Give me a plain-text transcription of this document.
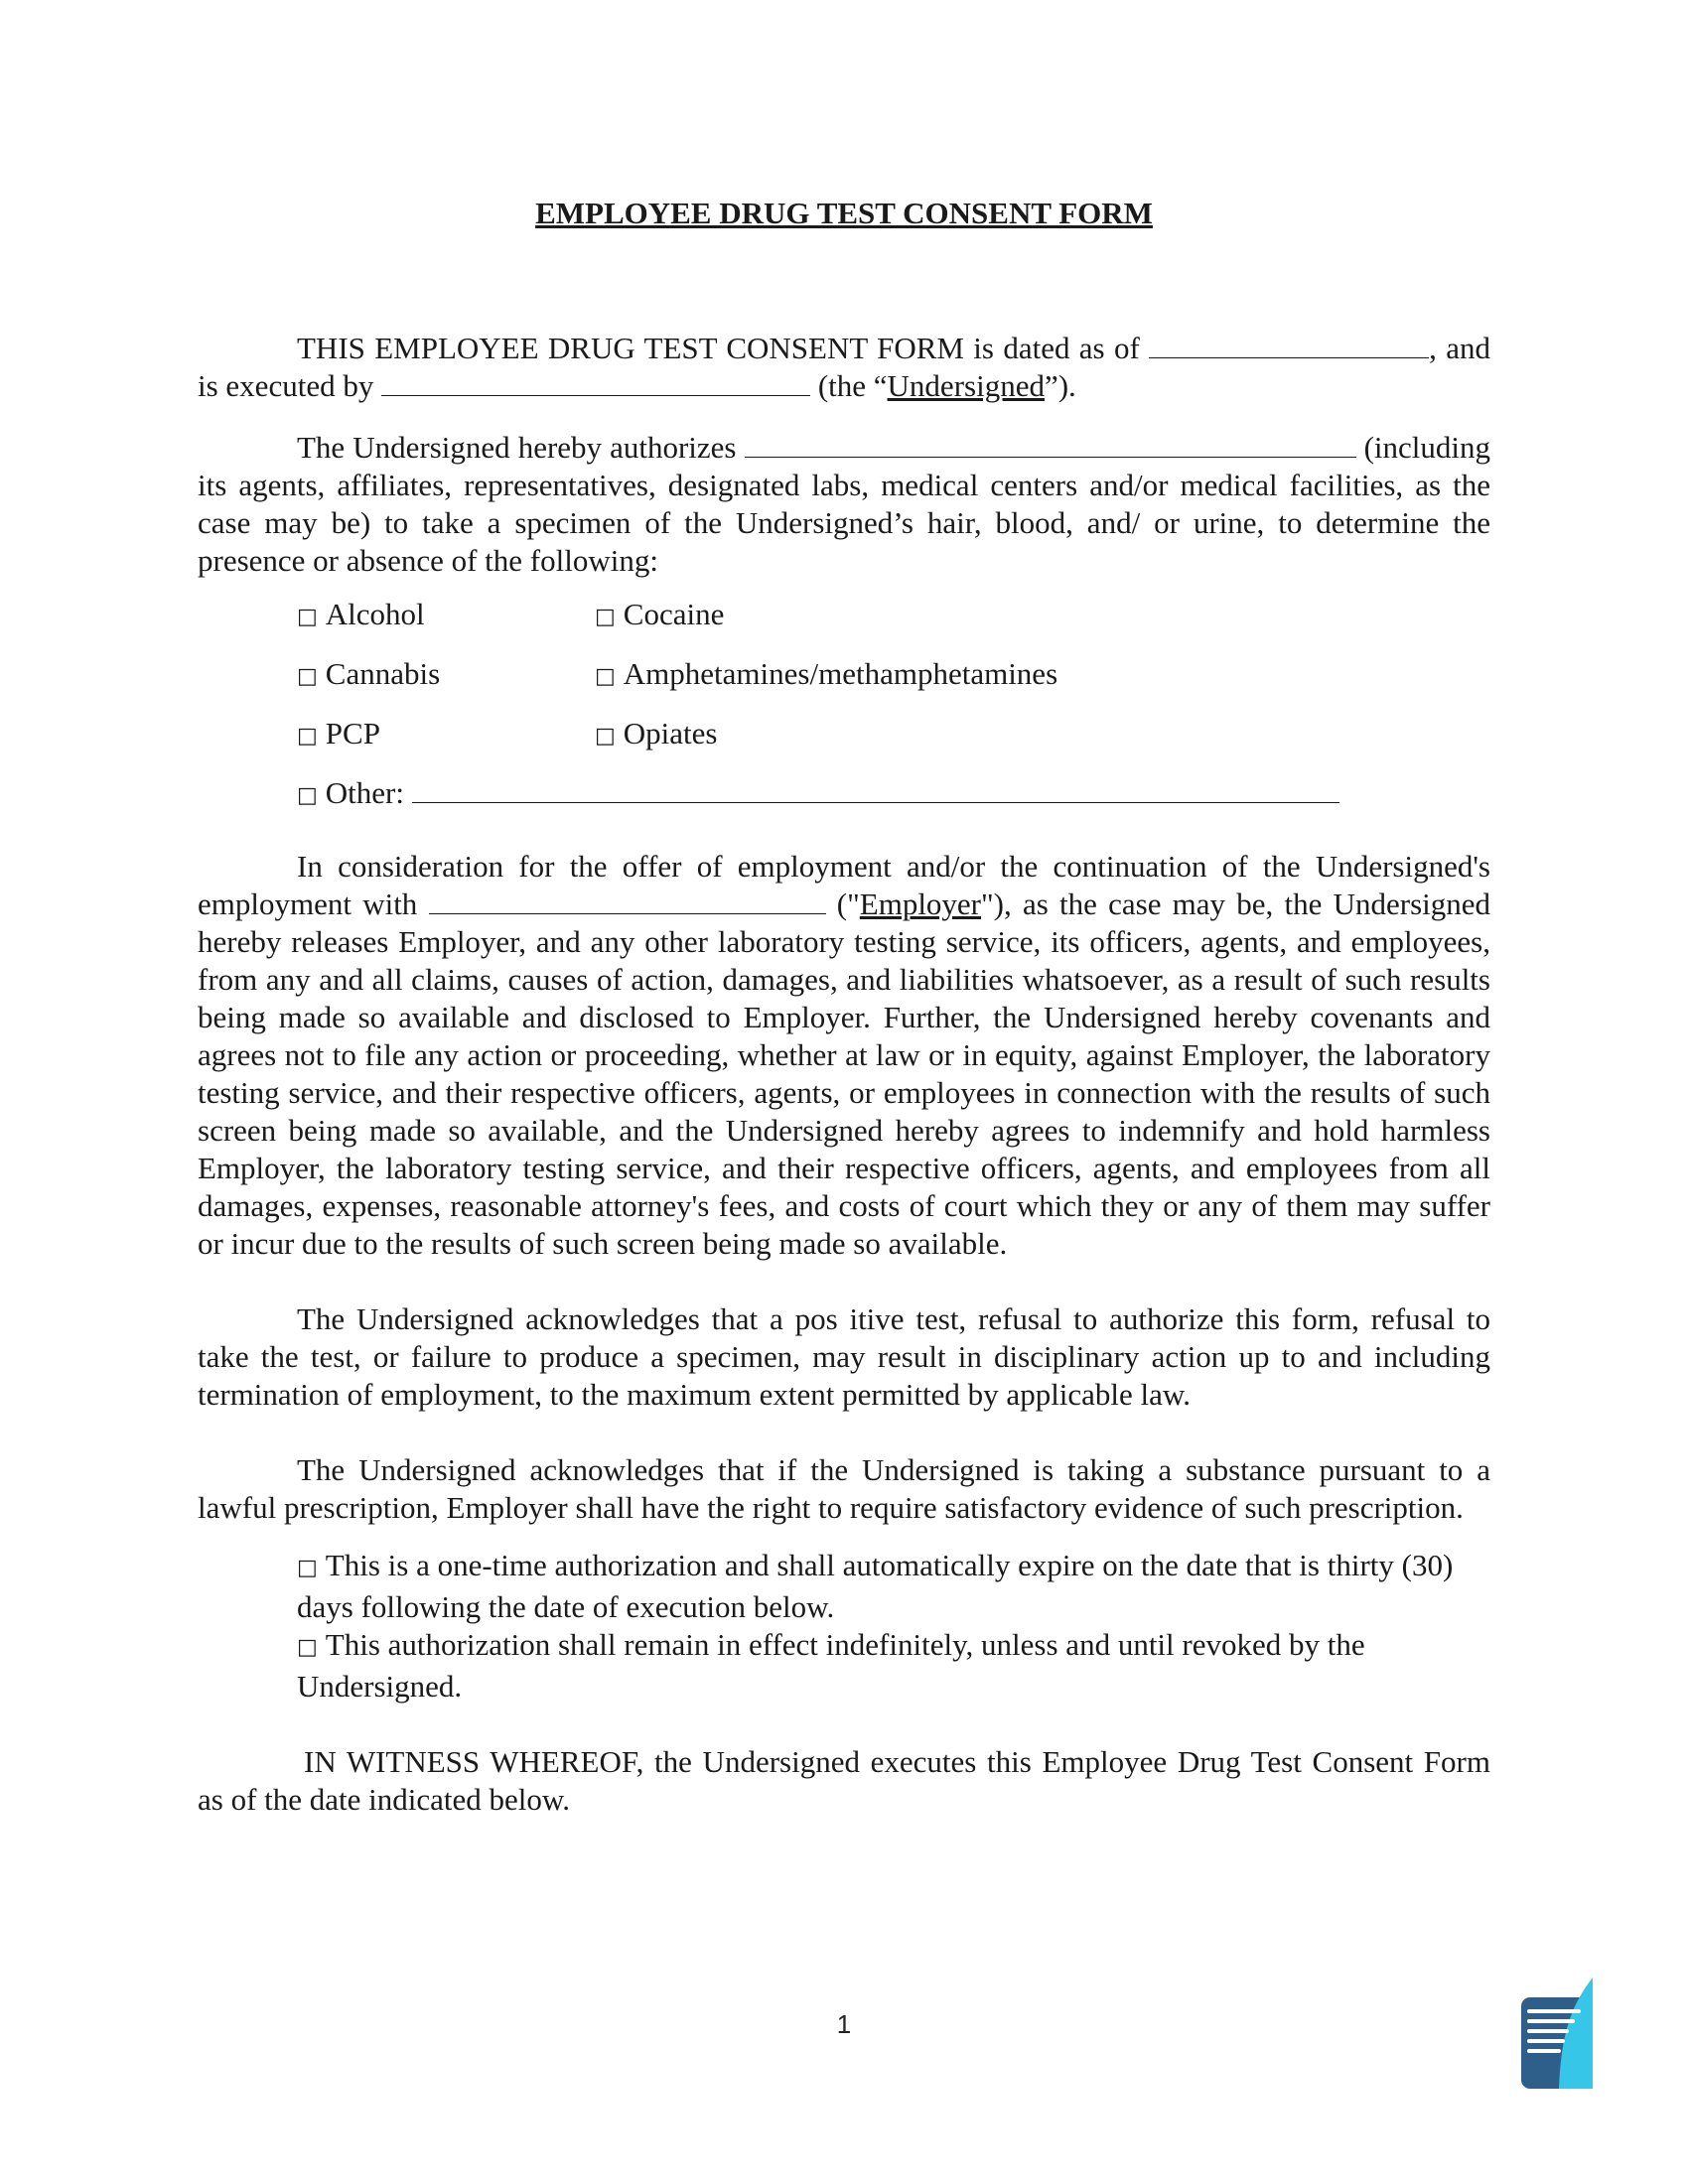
EMPLOYEE DRUG TEST CONSENT FORM

THIS EMPLOYEE DRUG TEST CONSENT FORM is dated as of	, and is executed by	(the “Undersigned”).

The Undersigned hereby authorizes	(including its agents, affiliates, representatives, designated labs, medical centers and/or medical facilities, as the case may be) to take a specimen of the Undersigned’s hair, blood, and/ or urine, to determine the presence or absence of the following:

□ Alcohol	□ Cocaine
□ Cannabis	□ Amphetamines/methamphetamines
□ PCP	□ Opiates
□ Other:

In consideration for the offer of employment and/or the continuation of the Undersigned's employment with	("Employer"), as the case may be, the Undersigned hereby releases Employer, and any other laboratory testing service, its officers, agents, and employees, from any and all claims, causes of action, damages, and liabilities whatsoever, as a result of such results being made so available and disclosed to Employer. Further, the Undersigned hereby covenants and agrees not to file any action or proceeding, whether at law or in equity, against Employer, the laboratory testing service, and their respective officers, agents, or employees in connection with the results of such screen being made so available, and the Undersigned hereby agrees to indemnify and hold harmless Employer, the laboratory testing service, and their respective officers, agents, and employees from all damages, expenses, reasonable attorney's fees, and costs of court which they or any of them may suffer or incur due to the results of such screen being made so available.

The Undersigned acknowledges that a pos itive test, refusal to authorize this form, refusal to take the test, or failure to produce a specimen, may result in disciplinary action up to and including termination of employment, to the maximum extent permitted by applicable law.

The Undersigned acknowledges that if the Undersigned is taking a substance pursuant to a lawful prescription, Employer shall have the right to require satisfactory evidence of such prescription.

□ This is a one-time authorization and shall automatically expire on the date that is thirty (30) days following the date of execution below.

□ This authorization shall remain in effect indefinitely, unless and until revoked by the Undersigned.

IN WITNESS WHEREOF, the Undersigned executes this Employee Drug Test Consent Form as of the date indicated below.

1
